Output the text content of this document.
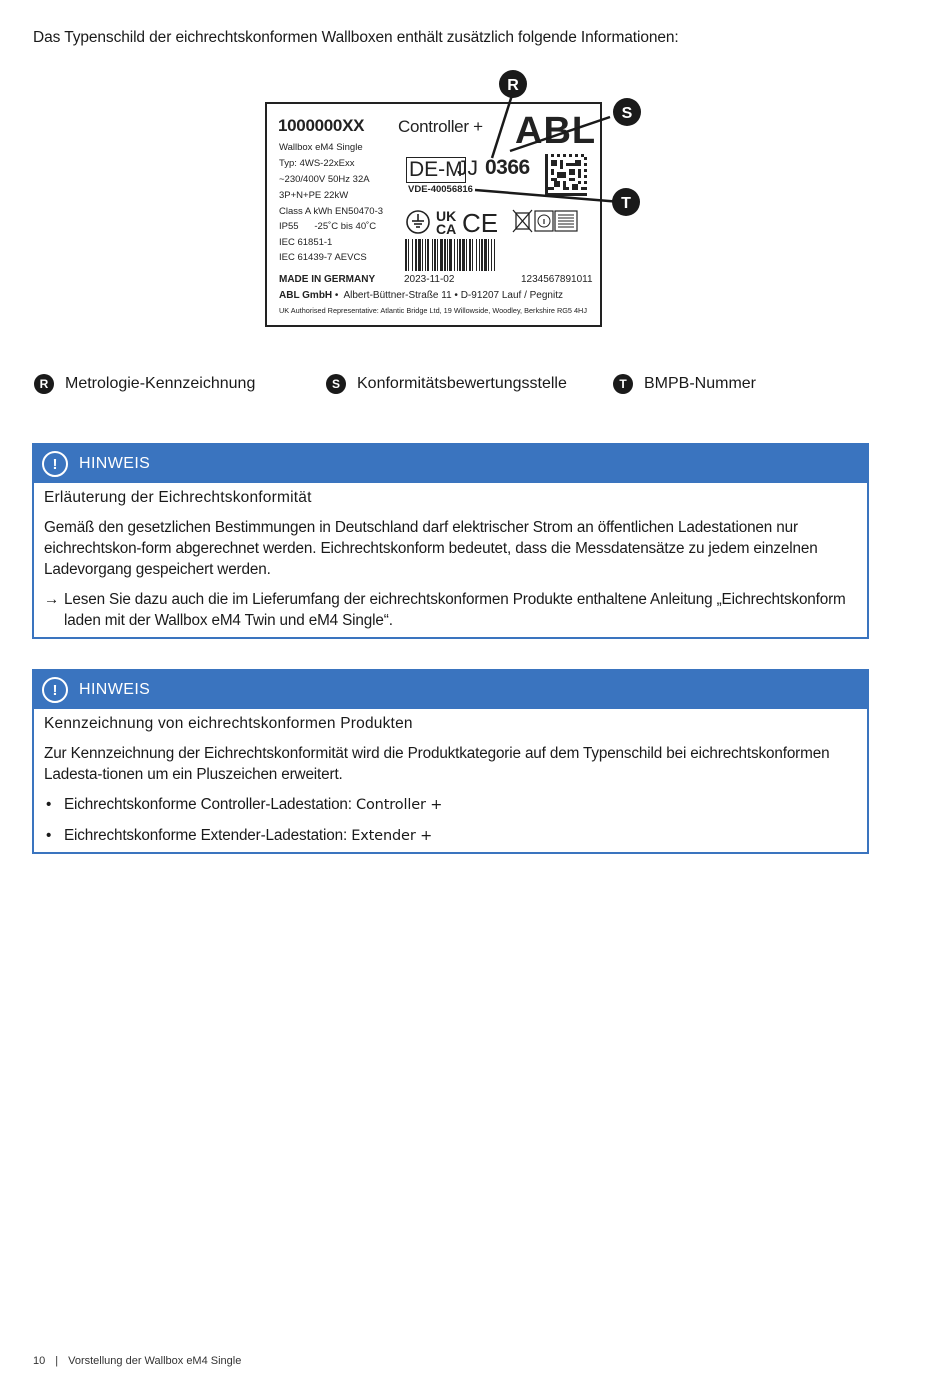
Das Typenschild der eichrechtskonformen Wallboxen enthält zusätzlich folgende Informationen:
1000000XX Controller + ABL
Wallbox eM4 Single
Typ: 4WS-22xExx
~230/400V 50Hz 32A
3P+N+PE 22kW
Class A kWh EN50470-3
IP55      -25˚C bis 40˚C
IEC 61851-1
IEC 61439-7 AEVCS
DE-M
JJ 0366
VDE-40056816
UK
CA CE
MADE IN GERMANY	2023-11-02	1234567891011
ABL GmbH •  Albert-Büttner-Straße 11 • D-91207 Lauf / Pegnitz
UK Authorised Representative: Atlantic Bridge Ltd, 19 Willowside, Woodley, Berkshire RG5 4HJ
R
S
T
R	Metrologie-Kennzeichnung	S	Konformitätsbewertungsstelle	T	BMPB-Nummer
!	HINWEIS
Erläuterung der Eichrechtskonformität
Gemäß den gesetzlichen Bestimmungen in Deutschland darf elektrischer Strom an öffentlichen Ladestationen nur eichrechtskon-form abgerechnet werden. Eichrechtskonform bedeutet, dass die Messdatensätze zu jedem einzelnen Ladevorgang gespeichert werden.
→ Lesen Sie dazu auch die im Lieferumfang der eichrechtskonformen Produkte enthaltene Anleitung „Eichrechtskonform laden mit der Wallbox eM4 Twin und eM4 Single“.
!	HINWEIS
Kennzeichnung von eichrechtskonformen Produkten
Zur Kennzeichnung der Eichrechtskonformität wird die Produktkategorie auf dem Typenschild bei eichrechtskonformen Ladesta-tionen um ein Pluszeichen erweitert.
• Eichrechtskonforme Controller-Ladestation: Controller +
• Eichrechtskonforme Extender-Ladestation: Extender +
10 | Vorstellung der Wallbox eM4 Single
